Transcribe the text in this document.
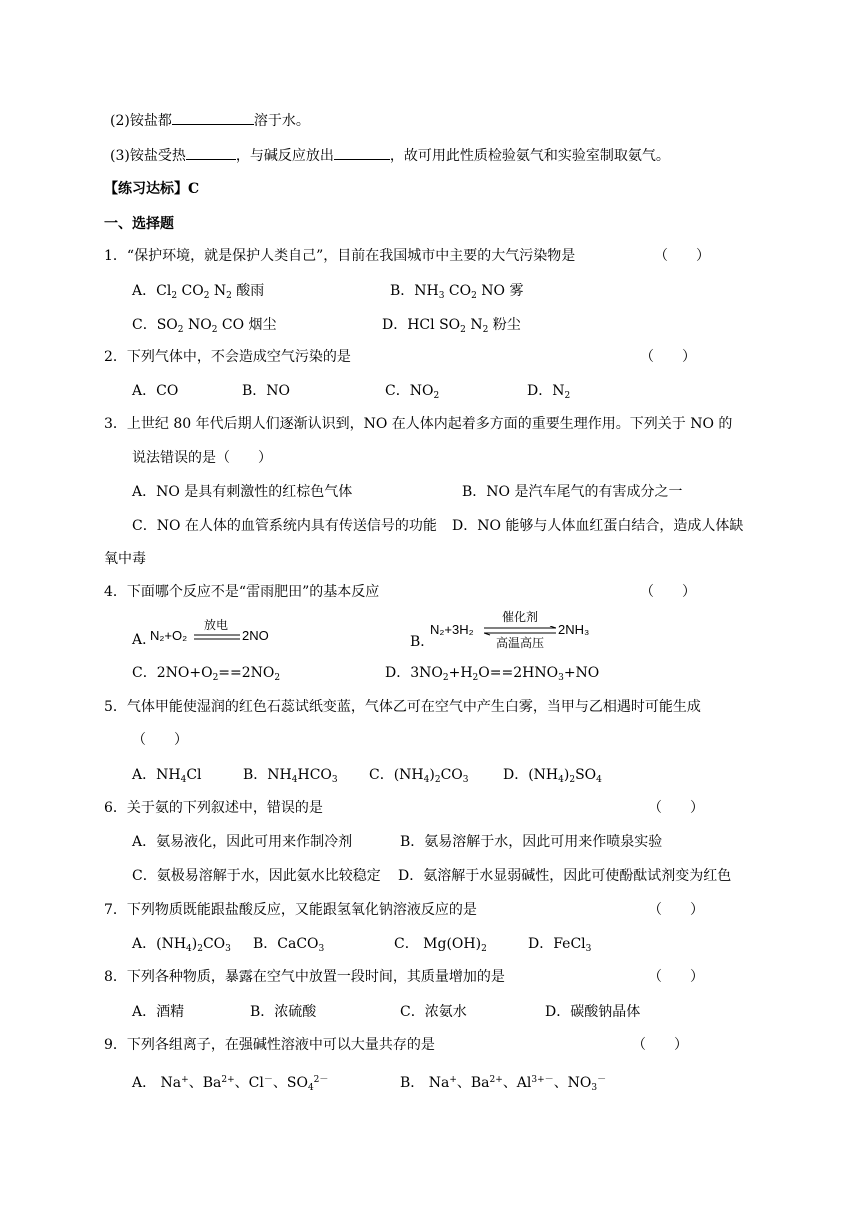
(2)铵盐都	溶于水。
(3)铵盐受热	，与碱反应放出	，故可用此性质检验氨气和实验室制取氨气。
【练习达标】C
一、选择题
1．“保护环境，就是保护人类自己”，目前在我国城市中主要的大气污染物是	（　　）
A．$Cl_2$ $CO_2$ $N_2$ 酸雨	B．$NH_3$ $CO_2$ NO 雾
C．$SO_2$ $NO_2$ CO 烟尘	D．HCl $SO_2$ $N_2$ 粉尘
2．下列气体中，不会造成空气污染的是	（　　）
A．CO	B．NO	C．$NO_2$	D．$N_2$
3．上世纪 80 年代后期人们逐渐认识到，NO 在人体内起着多方面的重要生理作用。下列关于 NO 的
说法错误的是（　　）
A．NO 是具有刺激性的红棕色气体	B．NO 是汽车尾气的有害成分之一
C．NO 在人体的血管系统内具有传送信号的功能 D．NO 能够与人体血红蛋白结合，造成人体缺
氧中毒
4．下面哪个反应不是“雷雨肥田”的基本反应	（　　）
A．
N₂+O₂
放电
2NO	B．
N₂+3H₂
催化剂
高温高压
2NH₃
C．$2NO+O_2==2NO_2$	D．$3NO_2+H_2O==2HNO_3+NO$
5．气体甲能使湿润的红色石蕊试纸变蓝，气体乙可在空气中产生白雾，当甲与乙相遇时可能生成
（　　）
A．$NH_4Cl$	B．$NH_4HCO_3$ C．$(NH_4)_2CO_3$ D．$(NH_4)_2SO_4$
6．关于氨的下列叙述中，错误的是	（　　）
A．氨易液化，因此可用来作制冷剂	B．氨易溶解于水，因此可用来作喷泉实验
C．氨极易溶解于水，因此氨水比较稳定 D．氨溶解于水显弱碱性，因此可使酚酞试剂变为红色
7．下列物质既能跟盐酸反应，又能跟氢氧化钠溶液反应的是	（　　）
A．$(NH_4)_2CO_3$ B．CaCO$_3$	C． $Mg(OH)_2$	D．FeCl$_3$
8．下列各种物质，暴露在空气中放置一段时间，其质量增加的是	（　　）
A．酒精	B．浓硫酸	C．浓氨水	D．碳酸钠晶体
9．下列各组离子，在强碱性溶液中可以大量共存的是	（　　）
A． Na+、$Ba^{2+}$、Cl－、$SO_4^{2-}$	B． Na+、$Ba^{2+}$、$Al^{3+-}$、$NO_3^-$
